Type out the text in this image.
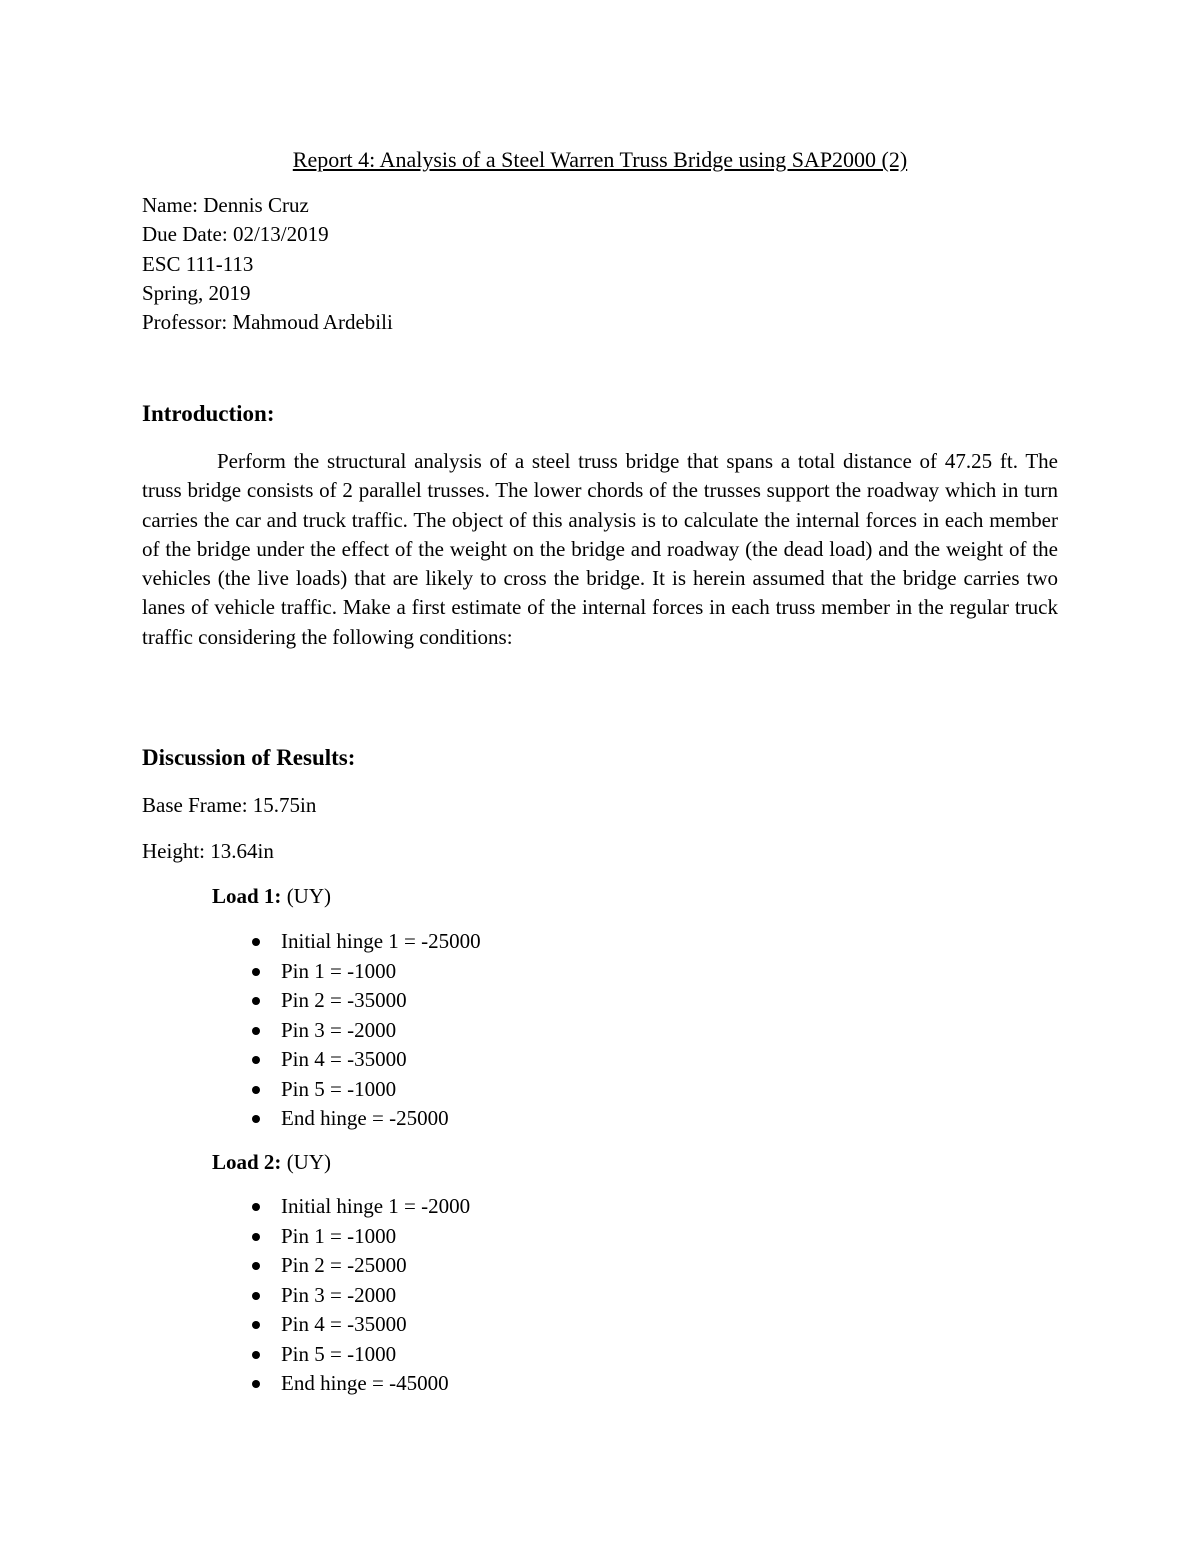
Report 4: Analysis of a Steel Warren Truss Bridge using SAP2000 (2)
Name: Dennis Cruz
Due Date: 02/13/2019
ESC 111-113
Spring, 2019
Professor: Mahmoud Ardebili
Introduction:
Perform the structural analysis of a steel truss bridge that spans a total distance of 47.25 ft. The truss bridge consists of 2 parallel trusses. The lower chords of the trusses support the roadway which in turn carries the car and truck traffic. The object of this analysis is to calculate the internal forces in each member of the bridge under the effect of the weight on the bridge and roadway (the dead load) and the weight of the vehicles (the live loads) that are likely to cross the bridge. It is herein assumed that the bridge carries two lanes of vehicle traffic. Make a first estimate of the internal forces in each truss member in the regular truck traffic considering the following conditions:
Discussion of Results:
Base Frame: 15.75in
Height: 13.64in
Load 1: (UY)
Initial hinge 1 = -25000
Pin 1 = -1000
Pin 2 = -35000
Pin 3 = -2000
Pin 4 = -35000
Pin 5 = -1000
End hinge = -25000
Load 2: (UY)
Initial hinge 1 = -2000
Pin 1 = -1000
Pin 2 = -25000
Pin 3 = -2000
Pin 4 = -35000
Pin 5 = -1000
End hinge = -45000
